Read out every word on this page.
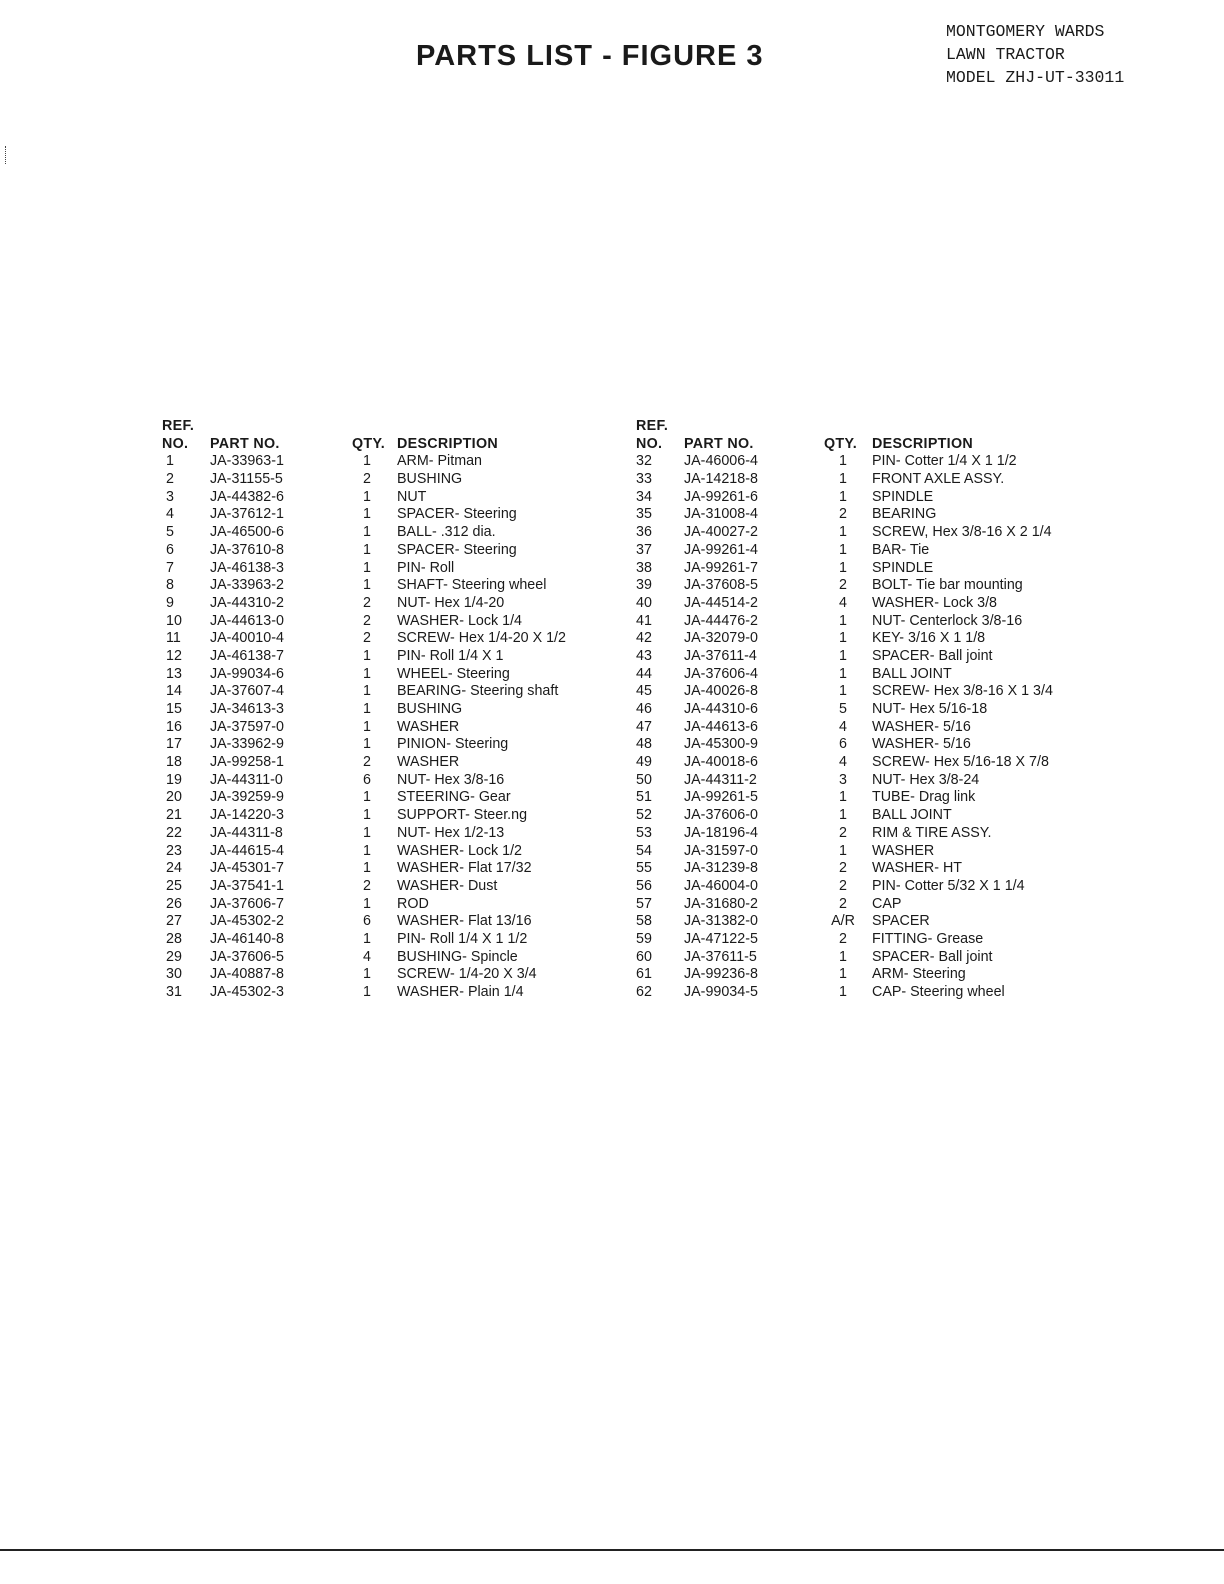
PARTS LIST - FIGURE 3
MONTGOMERY WARDS
LAWN TRACTOR
MODEL ZHJ-UT-33011
REF.
NO. PART NO.	QTY. DESCRIPTION
1	JA-33963-1	1	ARM- Pitman
2	JA-31155-5	2	BUSHING
3	JA-44382-6	1	NUT
4	JA-37612-1	1	SPACER- Steering
5	JA-46500-6	1	BALL- .312 dia.
6	JA-37610-8	1	SPACER- Steering
7	JA-46138-3	1	PIN- Roll
8	JA-33963-2	1	SHAFT- Steering wheel
9	JA-44310-2	2	NUT- Hex 1/4-20
10	JA-44613-0	2	WASHER- Lock 1/4
11	JA-40010-4	2	SCREW- Hex 1/4-20 X 1/2
12	JA-46138-7	1	PIN- Roll 1/4 X 1
13	JA-99034-6	1	WHEEL- Steering
14	JA-37607-4	1	BEARING- Steering shaft
15	JA-34613-3	1	BUSHING
16	JA-37597-0	1	WASHER
17	JA-33962-9	1	PINION- Steering
18	JA-99258-1	2	WASHER
19	JA-44311-0	6	NUT- Hex 3/8-16
20	JA-39259-9	1	STEERING- Gear
21	JA-14220-3	1	SUPPORT- Steer.ng
22	JA-44311-8	1	NUT- Hex 1/2-13
23	JA-44615-4	1	WASHER- Lock 1/2
24	JA-45301-7	1	WASHER- Flat 17/32
25	JA-37541-1	2	WASHER- Dust
26	JA-37606-7	1	ROD
27	JA-45302-2	6	WASHER- Flat 13/16
28	JA-46140-8	1	PIN- Roll 1/4 X 1 1/2
29	JA-37606-5	4	BUSHING- Spincle
30	JA-40887-8	1	SCREW- 1/4-20 X 3/4
31	JA-45302-3	1	WASHER- Plain 1/4
REF.
NO. PART NO.	QTY.	DESCRIPTION
32	JA-46006-4	1	PIN- Cotter 1/4 X 1 1/2
33	JA-14218-8	1	FRONT AXLE ASSY.
34	JA-99261-6	1	SPINDLE
35	JA-31008-4	2	BEARING
36	JA-40027-2	1	SCREW, Hex 3/8-16 X 2 1/4
37	JA-99261-4	1	BAR- Tie
38	JA-99261-7	1	SPINDLE
39	JA-37608-5	2	BOLT- Tie bar mounting
40	JA-44514-2	4	WASHER- Lock 3/8
41	JA-44476-2	1	NUT- Centerlock 3/8-16
42	JA-32079-0	1	KEY- 3/16 X 1 1/8
43	JA-37611-4	1	SPACER- Ball joint
44	JA-37606-4	1	BALL JOINT
45	JA-40026-8	1	SCREW- Hex 3/8-16 X 1 3/4
46	JA-44310-6	5	NUT- Hex 5/16-18
47	JA-44613-6	4	WASHER- 5/16
48	JA-45300-9	6	WASHER- 5/16
49	JA-40018-6	4	SCREW- Hex 5/16-18 X 7/8
50	JA-44311-2	3	NUT- Hex 3/8-24
51	JA-99261-5	1	TUBE- Drag link
52	JA-37606-0	1	BALL JOINT
53	JA-18196-4	2	RIM & TIRE ASSY.
54	JA-31597-0	1	WASHER
55	JA-31239-8	2	WASHER- HT
56	JA-46004-0	2	PIN- Cotter 5/32 X 1 1/4
57	JA-31680-2	2	CAP
58	JA-31382-0	A/R	SPACER
59	JA-47122-5	2	FITTING- Grease
60	JA-37611-5	1	SPACER- Ball joint
61	JA-99236-8	1	ARM- Steering
62	JA-99034-5	1	CAP- Steering wheel
